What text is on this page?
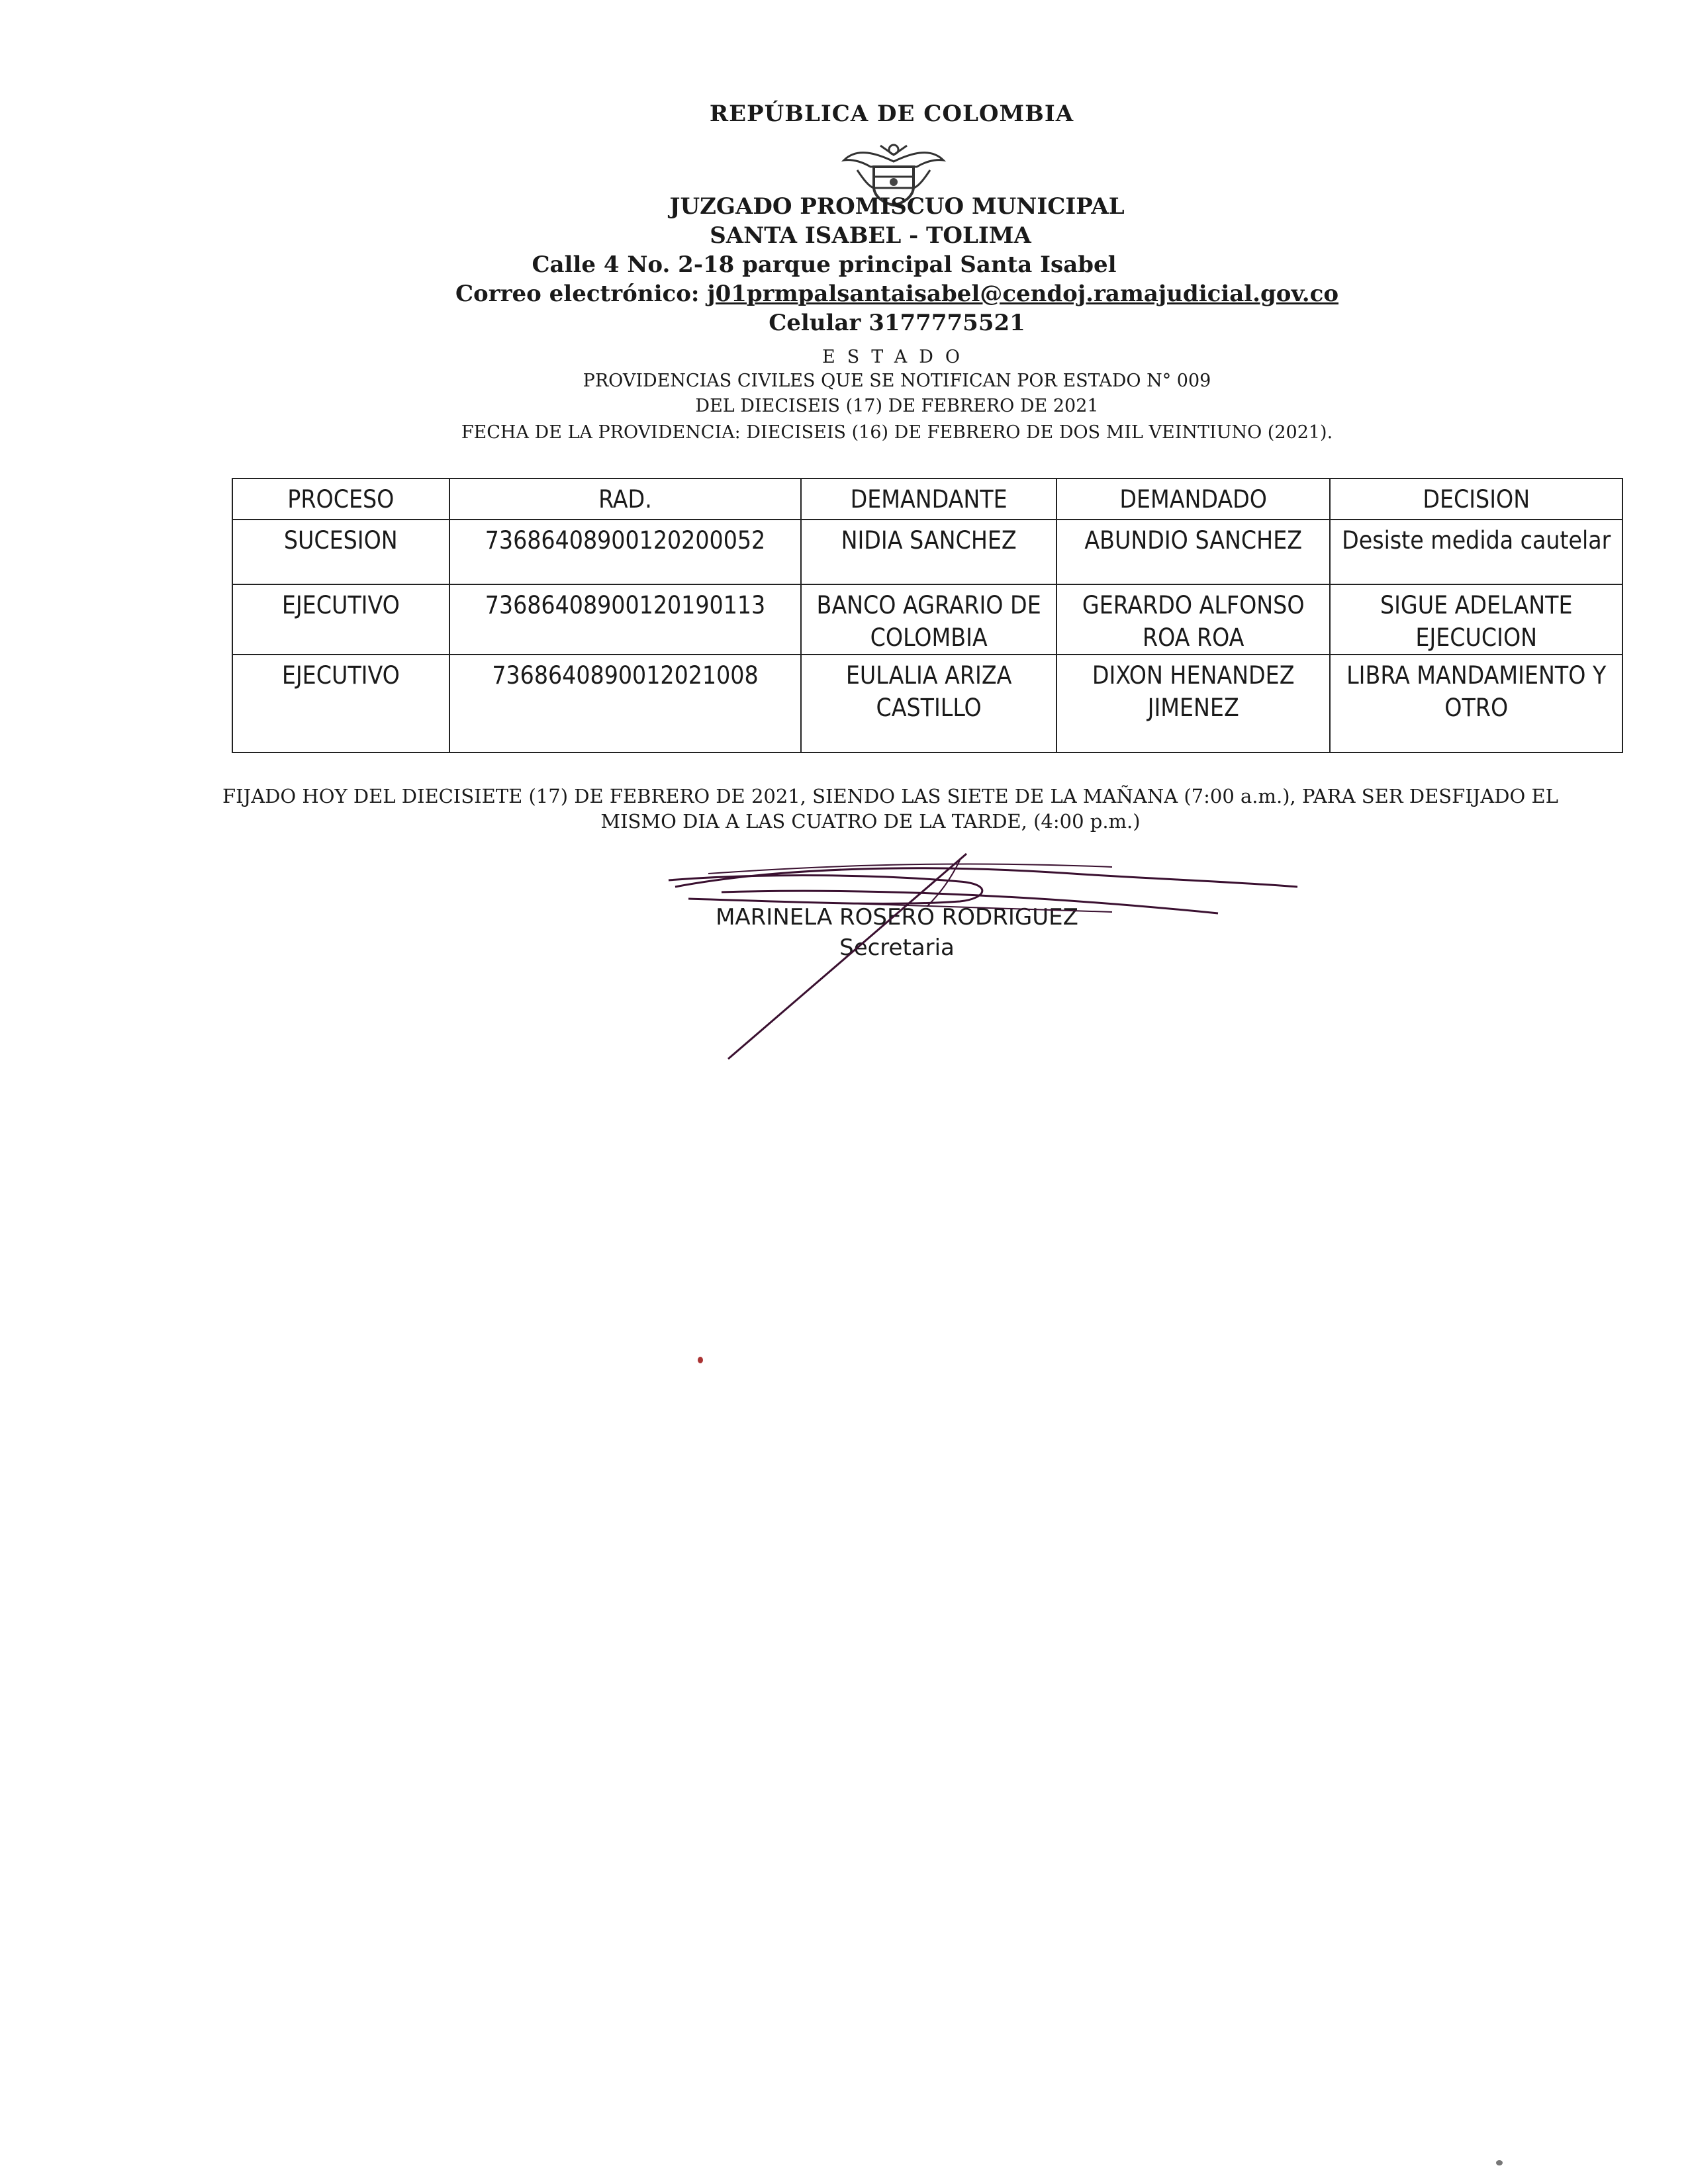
REPÚBLICA DE COLOMBIA
JUZGADO PROMISCUO MUNICIPAL
SANTA ISABEL - TOLIMA
Calle 4 No. 2-18 parque principal Santa Isabel
Correo electrónico: j01prmpalsantaisabel@cendoj.ramajudicial.gov.co
Celular 3177775521
ESTADO
PROVIDENCIAS CIVILES QUE SE NOTIFICAN POR ESTADO N° 009
DEL DIECISEIS (17) DE FEBRERO DE 2021
FECHA DE LA PROVIDENCIA: DIECISEIS (16) DE FEBRERO DE DOS MIL VEINTIUNO (2021).
PROCESO	RAD.	DEMANDANTE	DEMANDADO	DECISION
SUCESION	73686408900120200052	NIDIA SANCHEZ	ABUNDIO SANCHEZ	Desiste medida cautelar
EJECUTIVO	73686408900120190113	BANCO AGRARIO DE COLOMBIA	GERARDO ALFONSO ROA ROA	SIGUE ADELANTE EJECUCION
EJECUTIVO	7368640890012021008	EULALIA ARIZA CASTILLO	DIXON HENANDEZ JIMENEZ	LIBRA MANDAMIENTO Y OTRO
FIJADO HOY DEL DIECISIETE (17) DE FEBRERO DE 2021, SIENDO LAS SIETE DE LA MAÑANA (7:00 a.m.), PARA SER DESFIJADO EL
MISMO DIA A LAS CUATRO DE LA TARDE, (4:00 p.m.)
MARINELA ROSERO RODRIGUEZ
Secretaria
